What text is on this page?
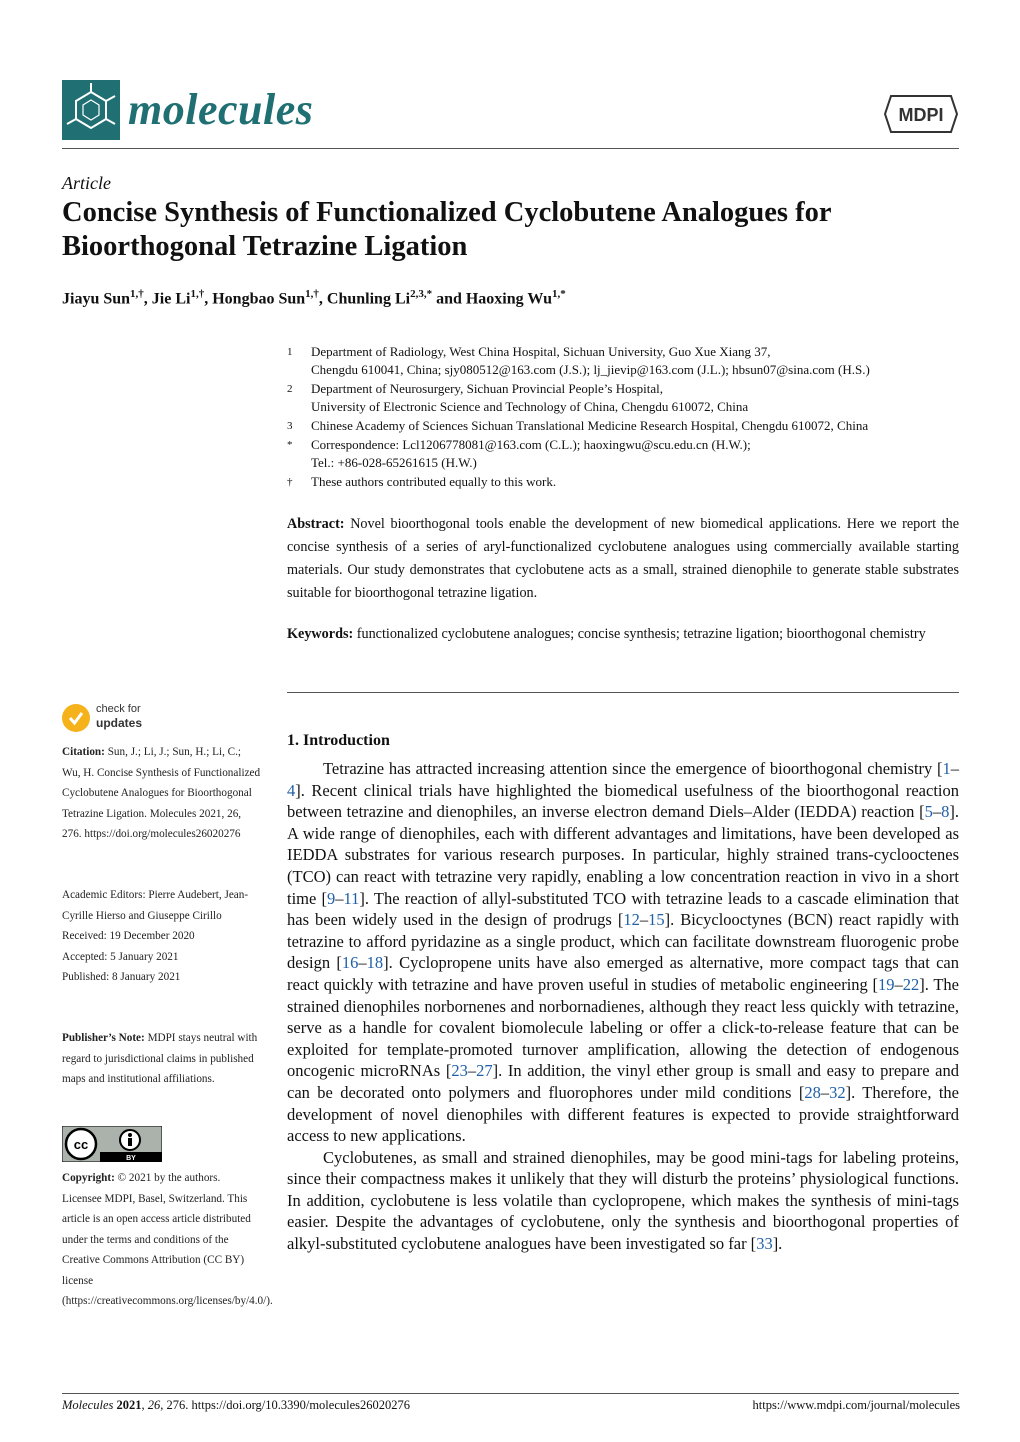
molecules	MDPI
Article
Concise Synthesis of Functionalized Cyclobutene Analogues for Bioorthogonal Tetrazine Ligation
Jiayu Sun$^{1,\dagger}$, Jie $Li^{1,\dagger}$, Hongbao Sun$^{1,\dagger}$, Chunling $Li^{2,3,*}$ and Haoxing $Wu^{1,*}$
1	Department of Radiology, West China Hospital, Sichuan University, Guo Xue Xiang 37,
Chengdu 610041, China; sjy080512@163.com (J.S.); lj_jievip@163.com (J.L.); hbsun07@sina.com (H.S.)
2	Department of Neurosurgery, Sichuan Provincial People’s Hospital,
University of Electronic Science and Technology of China, Chengdu 610072, China
3	Chinese Academy of Sciences Sichuan Translational Medicine Research Hospital, Chengdu 610072, China
*	Correspondence: Lcl1206778081@163.com (C.L.); haoxingwu@scu.edu.cn (H.W.);
Tel.: +86-028-65261615 (H.W.)
†	These authors contributed equally to this work.
Abstract: Novel bioorthogonal tools enable the development of new biomedical applications. Here we report the concise synthesis of a series of aryl-functionalized cyclobutene analogues using commercially available starting materials. Our study demonstrates that cyclobutene acts as a small, strained dienophile to generate stable substrates suitable for bioorthogonal tetrazine ligation.
Keywords: functionalized cyclobutene analogues; concise synthesis; tetrazine ligation; bioorthogonal chemistry
check for
updates
Citation: Sun, J.; Li, J.; Sun, H.; Li, C.; Wu, H. Concise Synthesis of Functionalized Cyclobutene Analogues for Bioorthogonal Tetrazine Ligation. Molecules 2021, 26, 276. https://doi.org/molecules26020276
Academic Editors: Pierre Audebert, Jean-Cyrille Hierso and Giuseppe Cirillo
Received: 19 December 2020
Accepted: 5 January 2021
Published: 8 January 2021
Publisher’s Note: MDPI stays neutral with regard to jurisdictional claims in published maps and institutional affiliations.
cc
BY
Copyright: © 2021 by the authors. Licensee MDPI, Basel, Switzerland. This article is an open access article distributed under the terms and conditions of the Creative Commons Attribution (CC BY) license (https://creativecommons.org/licenses/by/4.0/).
1. Introduction

Tetrazine has attracted increasing attention since the emergence of bioorthogonal chemistry [1–4]. Recent clinical trials have highlighted the biomedical usefulness of the bioorthogonal reaction between tetrazine and dienophiles, an inverse electron demand Diels–Alder (IEDDA) reaction [5–8]. A wide range of dienophiles, each with different advantages and limitations, have been developed as IEDDA substrates for various research purposes. In particular, highly strained trans-cyclooctenes (TCO) can react with tetrazine very rapidly, enabling a low concentration reaction in vivo in a short time [9–11]. The reaction of allyl-substituted TCO with tetrazine leads to a cascade elimination that has been widely used in the design of prodrugs [12–15]. Bicyclooctynes (BCN) react rapidly with tetrazine to afford pyridazine as a single product, which can facilitate downstream fluorogenic probe design [16–18]. Cyclopropene units have also emerged as alternative, more compact tags that can react quickly with tetrazine and have proven useful in studies of metabolic engineering [19–22]. The strained dienophiles norbornenes and norbornadienes, although they react less quickly with tetrazine, serve as a handle for covalent biomolecule labeling or offer a click-to-release feature that can be exploited for template-promoted turnover amplification, allowing the detection of endogenous oncogenic microRNAs [23–27]. In addition, the vinyl ether group is small and easy to prepare and can be decorated onto polymers and fluorophores under mild conditions [28–32]. Therefore, the development of novel dienophiles with different features is expected to provide straightforward access to new applications.

Cyclobutenes, as small and strained dienophiles, may be good mini-tags for labeling proteins, since their compactness makes it unlikely that they will disturb the proteins’ physiological functions. In addition, cyclobutene is less volatile than cyclopropene, which makes the synthesis of mini-tags easier. Despite the advantages of cyclobutene, only the synthesis and bioorthogonal properties of alkyl-substituted cyclobutene analogues have been investigated so far [33].

Molecules 2021, 26, 276. https://doi.org/10.3390/molecules26020276	https://www.mdpi.com/journal/molecules
